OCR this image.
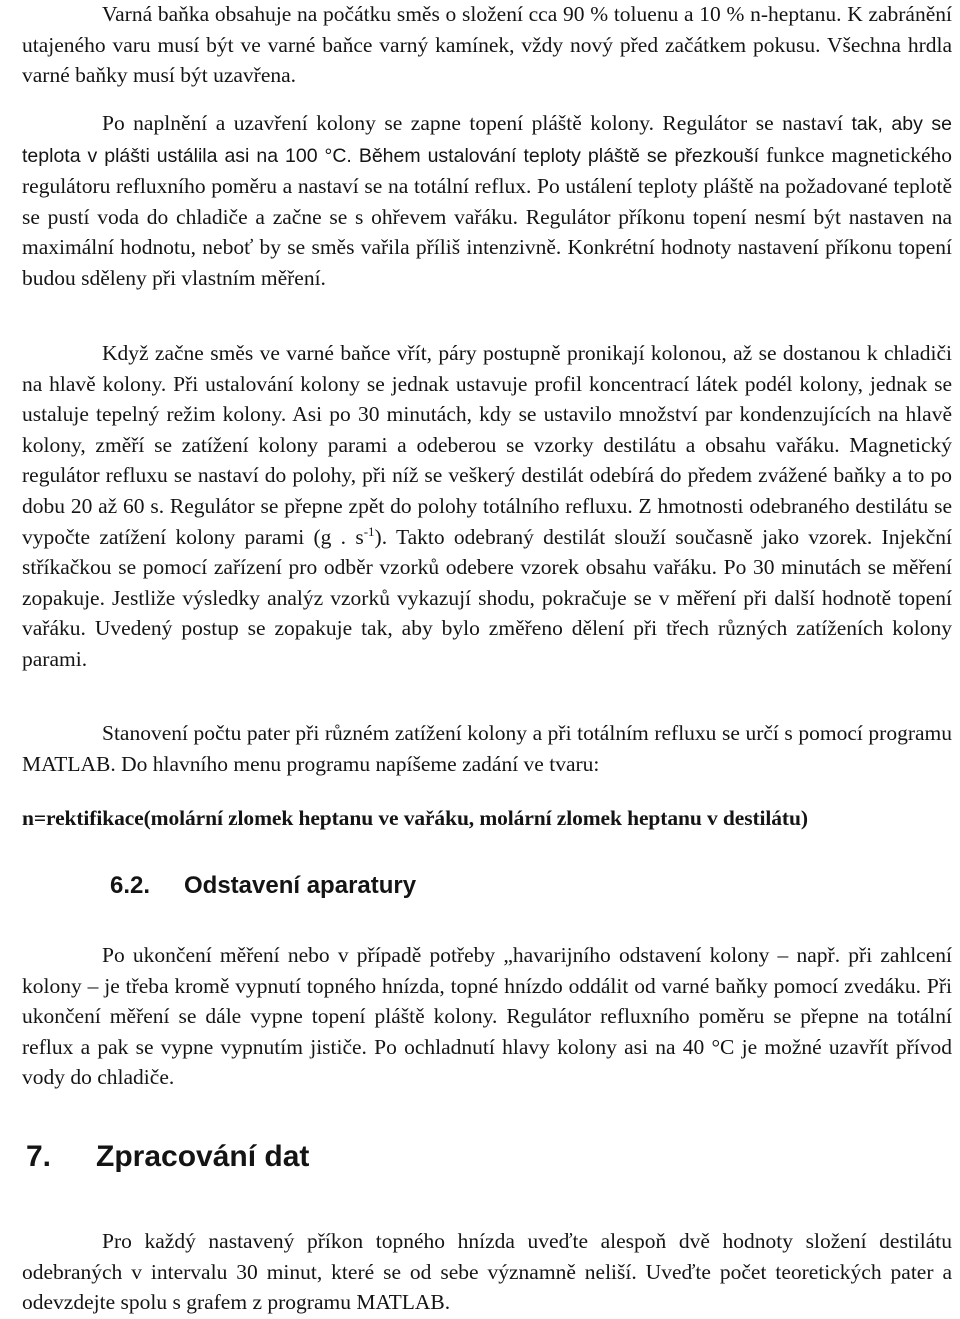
Varná baňka obsahuje na počátku směs o složení cca 90 % toluenu a 10 % n-heptanu. K zabránění utajeného varu musí být ve varné baňce varný kamínek, vždy nový před začátkem pokusu. Všechna hrdla varné baňky musí být uzavřena.

Po naplnění a uzavření kolony se zapne topení pláště kolony. Regulátor se nastaví tak, aby se teplota v plášti ustálila asi na 100 °C. Během ustalování teploty pláště se přezkouší funkce magnetického regulátoru refluxního poměru a nastaví se na totální reflux. Po ustálení teploty pláště na požadované teplotě se pustí voda do chladiče a začne se s ohřevem vařáku. Regulátor příkonu topení nesmí být nastaven na maximální hodnotu, neboť by se směs vařila příliš intenzivně. Konkrétní hodnoty nastavení příkonu topení budou sděleny při vlastním měření.

Když začne směs ve varné baňce vřít, páry postupně pronikají kolonou, až se dostanou k chladiči na hlavě kolony. Při ustalování kolony se jednak ustavuje profil koncentrací látek podél kolony, jednak se ustaluje tepelný režim kolony. Asi po 30 minutách, kdy se ustavilo množství par kondenzujících na hlavě kolony, změří se zatížení kolony parami a odeberou se vzorky destilátu a obsahu vařáku. Magnetický regulátor refluxu se nastaví do polohy, při níž se veškerý destilát odebírá do předem zvážené baňky a to po dobu 20 až 60 s. Regulátor se přepne zpět do polohy totálního refluxu. Z hmotnosti odebraného destilátu se vypočte zatížení kolony parami (g . $s^{-1}$). Takto odebraný destilát slouží současně jako vzorek. Injekční stříkačkou se pomocí zařízení pro odběr vzorků odebere vzorek obsahu vařáku. Po 30 minutách se měření zopakuje. Jestliže výsledky analýz vzorků vykazují shodu, pokračuje se v měření při další hodnotě topení vařáku. Uvedený postup se zopakuje tak, aby bylo změřeno dělení při třech různých zatíženích kolony parami.

Stanovení počtu pater při různém zatížení kolony a při totálním refluxu se určí s pomocí programu MATLAB. Do hlavního menu programu napíšeme zadání ve tvaru:

n=rektifikace(molární zlomek heptanu ve vařáku, molární zlomek heptanu v destilátu)

6.2. Odstavení aparatury

Po ukončení měření nebo v případě potřeby „havarijního odstavení kolony – např. při zahlcení kolony – je třeba kromě vypnutí topného hnízda, topné hnízdo oddálit od varné baňky pomocí zvedáku. Při ukončení měření se dále vypne topení pláště kolony. Regulátor refluxního poměru se přepne na totální reflux a pak se vypne vypnutím jističe. Po ochladnutí hlavy kolony asi na 40 °C je možné uzavřít přívod vody do chladiče.

7. Zpracování dat

Pro každý nastavený příkon topného hnízda uveďte alespoň dvě hodnoty složení destilátu odebraných v intervalu 30 minut, které se od sebe významně neliší. Uveďte počet teoretických pater a odevzdejte spolu s grafem z programu MATLAB.
